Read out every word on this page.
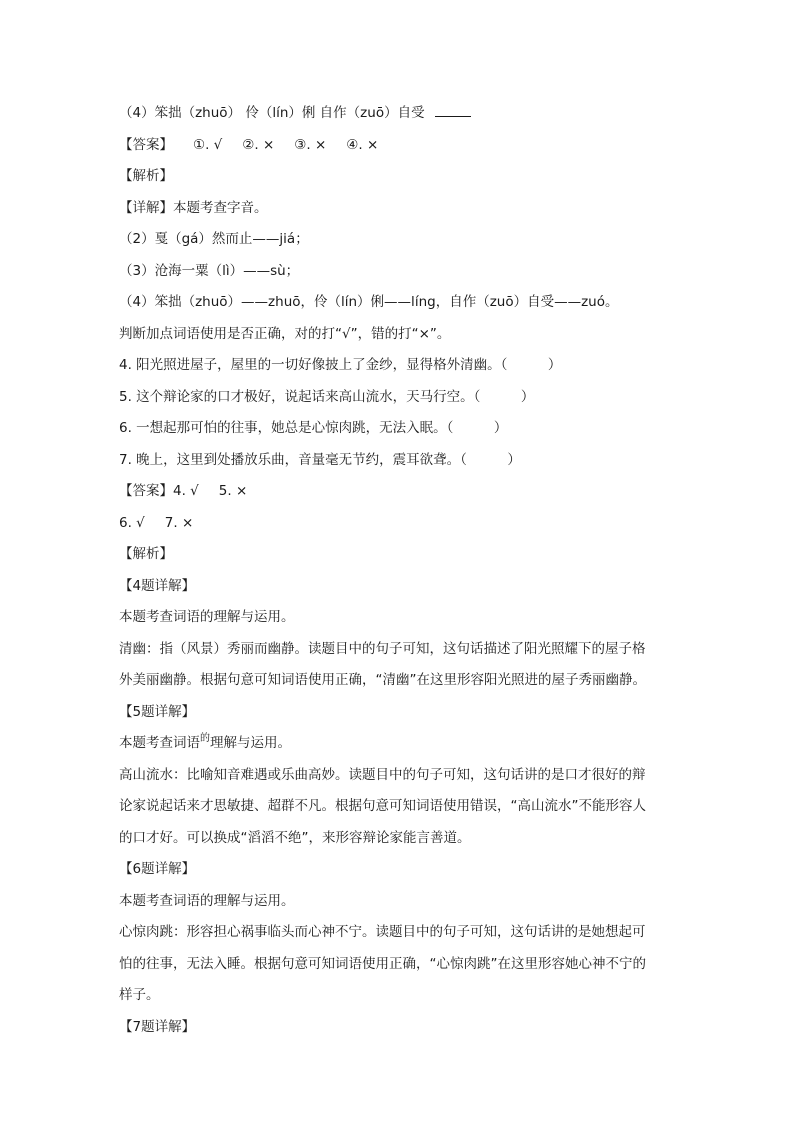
（4）笨拙（zhuō） 伶（lín）俐 自作（zuō）自受
【答案】 ①. √ ②. × ③. × ④. ×
【解析】
【详解】本题考查字音。
（2）戛（gá）然而止——jiá；
（3）沧海一粟（lì）——sù；
（4）笨拙（zhuō）——zhuō，伶（lín）俐——líng，自作（zuō）自受——zuó。
判断加点词语使用是否正确，对的打“√”，错的打“×”。
4. 阳光照进屋子，屋里的一切好像披上了金纱，显得格外清幽。（　　　）
5. 这个辩论家的口才极好，说起话来高山流水，天马行空。（　　　）
6. 一想起那可怕的往事，她总是心惊肉跳，无法入眠。（　　　）
7. 晚上，这里到处播放乐曲，音量毫无节约，震耳欲聋。（　　　）
【答案】4. √ 5. ×
6. √ 7. ×
【解析】
【4题详解】
本题考查词语的理解与运用。
清幽：指（风景）秀丽而幽静。读题目中的句子可知，这句话描述了阳光照耀下的屋子格
外美丽幽静。根据句意可知词语使用正确，“清幽”在这里形容阳光照进的屋子秀丽幽静。
【5题详解】
本题考查词语$^的$理解与运用。
高山流水：比喻知音难遇或乐曲高妙。读题目中的句子可知，这句话讲的是口才很好的辩
论家说起话来才思敏捷、超群不凡。根据句意可知词语使用错误，“高山流水”不能形容人
的口才好。可以换成“滔滔不绝”，来形容辩论家能言善道。
【6题详解】
本题考查词语的理解与运用。
心惊肉跳：形容担心祸事临头而心神不宁。读题目中的句子可知，这句话讲的是她想起可
怕的往事，无法入睡。根据句意可知词语使用正确，“心惊肉跳”在这里形容她心神不宁的
样子。
【7题详解】
